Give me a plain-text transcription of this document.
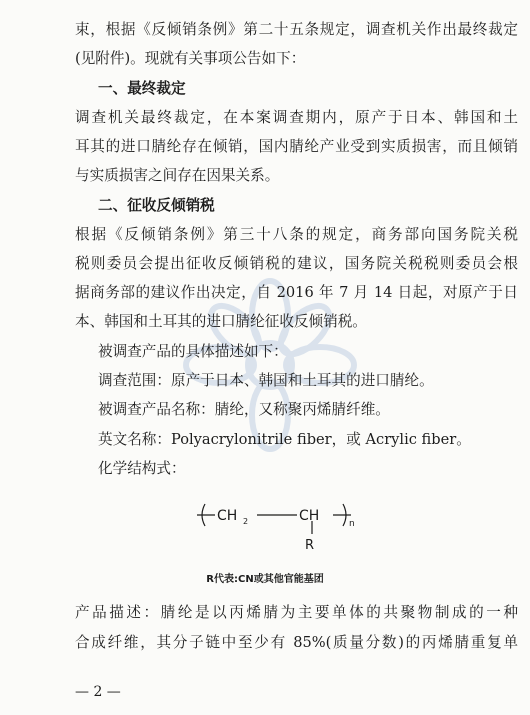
束，根据《反倾销条例》第二十五条规定，调查机关作出最终裁定
(见附件)。现就有关事项公告如下：
一、最终裁定
调查机关最终裁定，在本案调查期内，原产于日本、韩国和土
耳其的进口腈纶存在倾销，国内腈纶产业受到实质损害，而且倾销
与实质损害之间存在因果关系。
二、征收反倾销税
根据《反倾销条例》第三十八条的规定，商务部向国务院关税
税则委员会提出征收反倾销税的建议，国务院关税税则委员会根
据商务部的建议作出决定，自 2016 年 7 月 14 日起，对原产于日
本、韩国和土耳其的进口腈纶征收反倾销税。
被调查产品的具体描述如下：
调查范围：原产于日本、韩国和土耳其的进口腈纶。
被调查产品名称：腈纶，又称聚丙烯腈纤维。
英文名称：Polyacrylonitrile fiber，或 Acrylic fiber。
化学结构式：
CH 2	CH	n
R
R代表:CN或其他官能基团
产品描述：腈纶是以丙烯腈为主要单体的共聚物制成的一种
合成纤维，其分子链中至少有 85%(质量分数)的丙烯腈重复单
— 2 —
